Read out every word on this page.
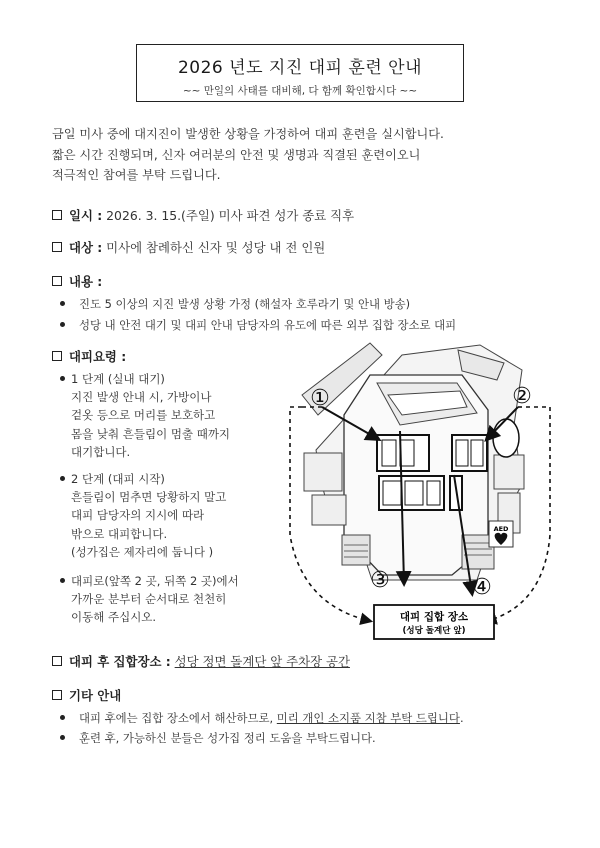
2026 년도 지진 대피 훈련 안내
~~ 만일의 사태를 대비해, 다 함께 확인합시다 ~~
금일 미사 중에 대지진이 발생한 상황을 가정하여 대피 훈련을 실시합니다.
짧은 시간 진행되며, 신자 여러분의 안전 및 생명과 직결된 훈련이오니
적극적인 참여를 부탁 드립니다.
일시 : 2026. 3. 15.(주일) 미사 파견 성가 종료 직후
대상 : 미사에 참례하신 신자 및 성당 내 전 인원
내용 :
진도 5 이상의 지진 발생 상황 가정 (해설자 호루라기 및 안내 방송)
성당 내 안전 대기 및 대피 안내 담당자의 유도에 따른 외부 집합 장소로 대피
대피요령 :
1 단계 (실내 대기)
지진 발생 안내 시, 가방이나
겉옷 등으로 머리를 보호하고
몸을 낮춰 흔들림이 멈출 때까지
대기합니다.
2 단계 (대피 시작)
흔들림이 멈추면 당황하지 말고
대피 담당자의 지시에 따라
밖으로 대피합니다.
(성가집은 제자리에 둡니다 )
대피로(앞쪽 2 곳, 뒤쪽 2 곳)에서
가까운 분부터 순서대로 천천히
이동해 주십시오.
AED
①	②
③	④
대피 집합 장소
(성당 돌계단 앞)
대피 후 집합장소 : 성당 정면 돌계단 앞 주차장 공간
기타 안내
대피 후에는 집합 장소에서 해산하므로, 미리 개인 소지품 지참 부탁 드립니다.
훈련 후, 가능하신 분들은 성가집 정리 도움을 부탁드립니다.
